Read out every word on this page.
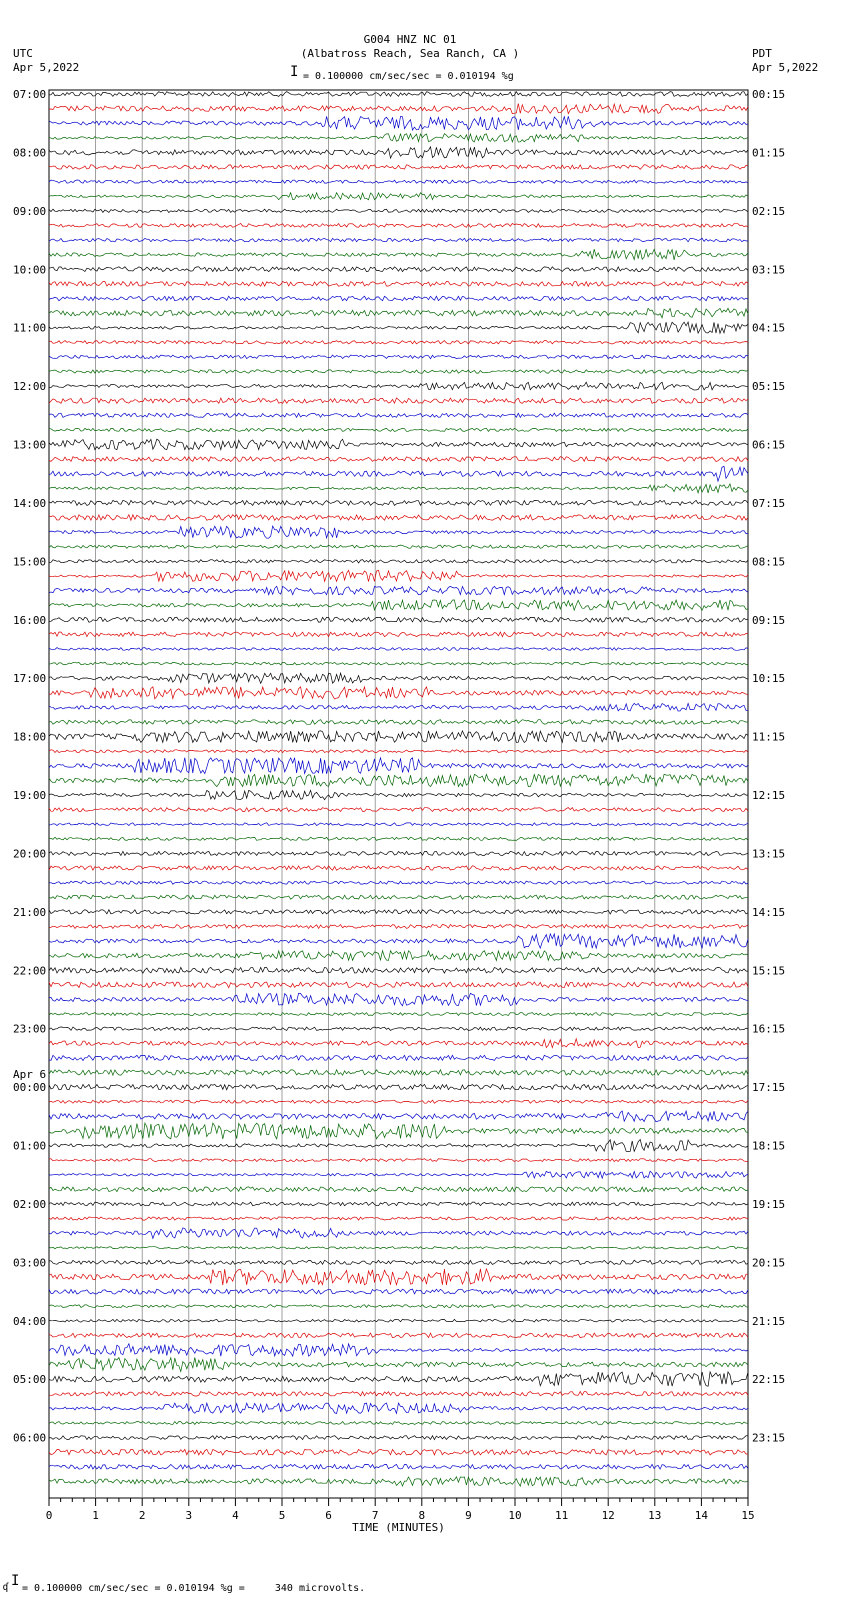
G004 HNZ NC 01
(Albatross Reach, Sea Ranch, CA )
I = 0.100000 cm/sec/sec = 0.010194 %g
UTC
Apr 5,2022
PDT
Apr 5,2022
07:00	00:15
08:00	01:15
09:00	02:15
10:00	03:15
11:00	04:15
12:00	05:15
13:00	06:15
14:00	07:15
15:00	08:15
16:00	09:15
17:00	10:15
18:00	11:15
19:00	12:15
20:00	13:15
21:00	14:15
22:00	15:15
23:00	16:15
Apr 6
00:00	17:15
01:00	18:15
02:00	19:15
03:00	20:15
04:00	21:15
05:00	22:15
06:00	23:15
0	1	2	3	4	5	6	7	8	9	10	11	12	13	14	15
TIME (MINUTES)
ʠ I = 0.100000 cm/sec/sec = 0.010194 %g =     340 microvolts.
